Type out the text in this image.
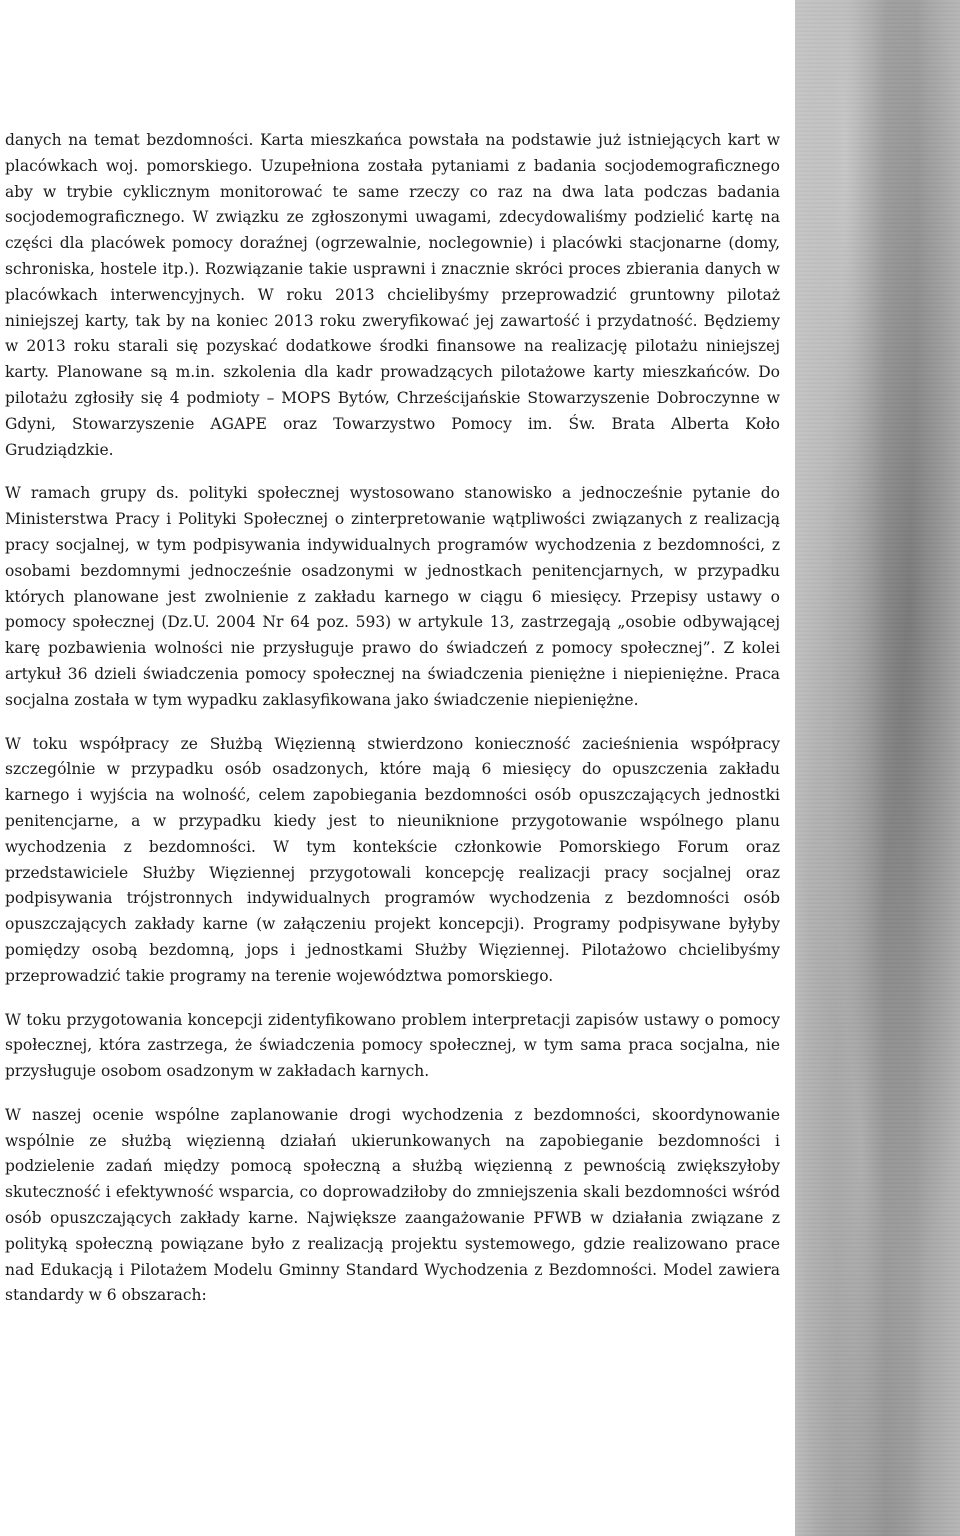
danych na temat bezdomności. Karta mieszkańca powstała na podstawie już istniejących kart w placówkach woj. pomorskiego. Uzupełniona została pytaniami z badania socjodemograficznego aby w trybie cyklicznym monitorować te same rzeczy co raz na dwa lata podczas badania socjodemograficznego. W związku ze zgłoszonymi uwagami, zdecydowaliśmy podzielić kartę na części dla placówek pomocy doraźnej (ogrzewalnie, noclegownie) i placówki stacjonarne (domy, schroniska, hostele itp.). Rozwiązanie takie usprawni i znacznie skróci proces zbierania danych w placówkach interwencyjnych. W roku 2013 chcielibyśmy przeprowadzić gruntowny pilotaż niniejszej karty, tak by na koniec 2013 roku zweryfikować jej zawartość i przydatność. Będziemy w 2013 roku starali się pozyskać dodatkowe środki finansowe na realizację pilotażu niniejszej karty. Planowane są m.in. szkolenia dla kadr prowadzących pilotażowe karty mieszkańców. Do pilotażu zgłosiły się 4 podmioty – MOPS Bytów, Chrześcijańskie Stowarzyszenie Dobroczynne w Gdyni, Stowarzyszenie AGAPE oraz Towarzystwo Pomocy im. Św. Brata Alberta Koło Grudziądzkie.

W ramach grupy ds. polityki społecznej wystosowano stanowisko a jednocześnie pytanie do Ministerstwa Pracy i Polityki Społecznej o zinterpretowanie wątpliwości związanych z realizacją pracy socjalnej, w tym podpisywania indywidualnych programów wychodzenia z bezdomności, z osobami bezdomnymi jednocześnie osadzonymi w jednostkach penitencjarnych, w przypadku których planowane jest zwolnienie z zakładu karnego w ciągu 6 miesięcy. Przepisy ustawy o pomocy społecznej (Dz.U. 2004 Nr 64 poz. 593) w artykule 13, zastrzegają „osobie odbywającej karę pozbawienia wolności nie przysługuje prawo do świadczeń z pomocy społecznej”. Z kolei artykuł 36 dzieli świadczenia pomocy społecznej na świadczenia pieniężne i niepieniężne. Praca socjalna została w tym wypadku zaklasyfikowana jako świadczenie niepieniężne.

W toku współpracy ze Służbą Więzienną stwierdzono konieczność zacieśnienia współpracy szczególnie w przypadku osób osadzonych, które mają 6 miesięcy do opuszczenia zakładu karnego i wyjścia na wolność, celem zapobiegania bezdomności osób opuszczających jednostki penitencjarne, a w przypadku kiedy jest to nieuniknione przygotowanie wspólnego planu wychodzenia z bezdomności. W tym kontekście członkowie Pomorskiego Forum oraz przedstawiciele Służby Więziennej przygotowali koncepcję realizacji pracy socjalnej oraz podpisywania trójstronnych indywidualnych programów wychodzenia z bezdomności osób opuszczających zakłady karne (w załączeniu projekt koncepcji). Programy podpisywane byłyby pomiędzy osobą bezdomną, jops i jednostkami Służby Więziennej. Pilotażowo chcielibyśmy przeprowadzić takie programy na terenie województwa pomorskiego.

W toku przygotowania koncepcji zidentyfikowano problem interpretacji zapisów ustawy o pomocy społecznej, która zastrzega, że świadczenia pomocy społecznej, w tym sama praca socjalna, nie przysługuje osobom osadzonym w zakładach karnych.

W naszej ocenie wspólne zaplanowanie drogi wychodzenia z bezdomności, skoordynowanie wspólnie ze służbą więzienną działań ukierunkowanych na zapobieganie bezdomności i podzielenie zadań między pomocą społeczną a służbą więzienną z pewnością zwiększyłoby skuteczność i efektywność wsparcia, co doprowadziłoby do zmniejszenia skali bezdomności wśród osób opuszczających zakłady karne. Największe zaangażowanie PFWB w działania związane z polityką społeczną powiązane było z realizacją projektu systemowego, gdzie realizowano prace nad Edukacją i Pilotażem Modelu Gminny Standard Wychodzenia z Bezdomności. Model zawiera standardy w 6 obszarach:
